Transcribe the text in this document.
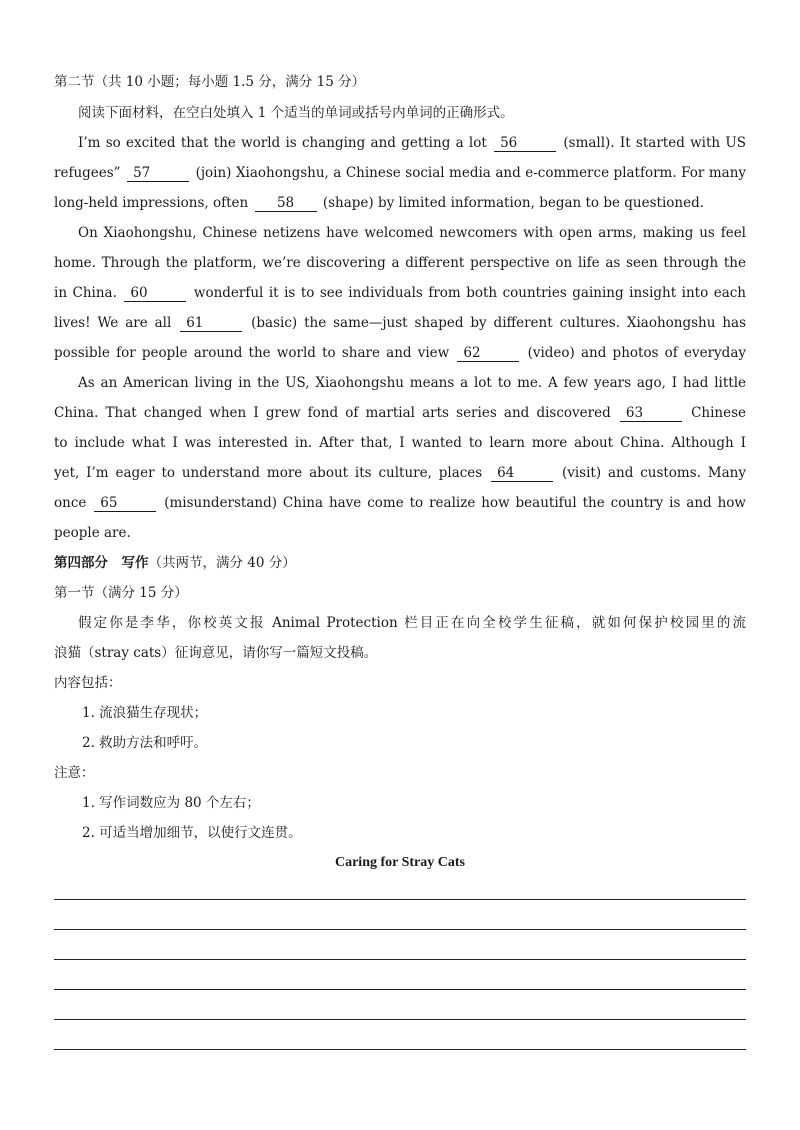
第二节（共 10 小题；每小题 1.5 分，满分 15 分）
阅读下面材料，在空白处填入 1 个适当的单词或括号内单词的正确形式。
I’m so excited that the world is changing and getting a lot 56	(small). It started with US
refugees” 57	(join) Xiaohongshu, a Chinese social media and e-commerce platform. For many
long-held impressions, often 58 (shape) by limited information, began to be questioned.
On Xiaohongshu, Chinese netizens have welcomed newcomers with open arms, making us feel
home. Through the platform, we’re discovering a different perspective on life as seen through the
in China. 60	wonderful it is to see individuals from both countries gaining insight into each
lives! We are all 61	(basic) the same—just shaped by different cultures. Xiaohongshu has
possible for people around the world to share and view 62	(video) and photos of everyday
As an American living in the US, Xiaohongshu means a lot to me. A few years ago, I had little
China. That changed when I grew fond of martial arts series and discovered 63	Chinese
to include what I was interested in. After that, I wanted to learn more about China. Although I
yet, I’m eager to understand more about its culture, places 64	(visit) and customs. Many
once 65	(misunderstand) China have come to realize how beautiful the country is and how
people are.
第四部分　写作（共两节，满分 40 分）
第一节（满分 15 分）
假定你是李华，你校英文报 Animal Protection 栏目正在向全校学生征稿，就如何保护校园里的流
浪猫（stray cats）征询意见，请你写一篇短文投稿。
内容包括：
1. 流浪猫生存现状；
2. 救助方法和呼吁。
注意：
1. 写作词数应为 80 个左右；
2. 可适当增加细节，以使行文连贯。
Caring for Stray Cats
